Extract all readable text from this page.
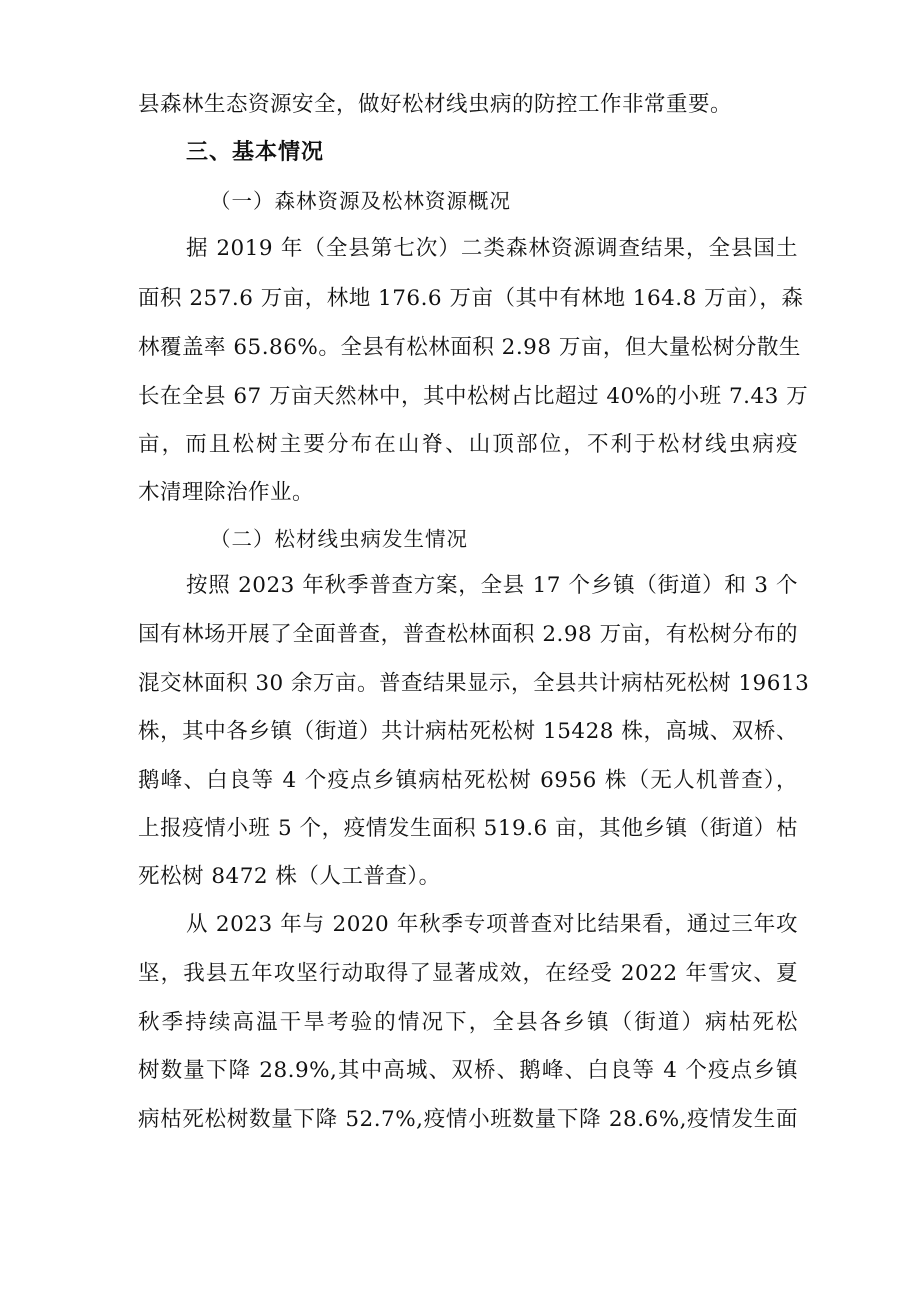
县森林生态资源安全，做好松材线虫病的防控工作非常重要。
三、基本情况
（一）森林资源及松林资源概况
据 2019 年（全县第七次）二类森林资源调查结果，全县国土
面积 257.6 万亩，林地 176.6 万亩（其中有林地 164.8 万亩），森
林覆盖率 65.86%。全县有松林面积 2.98 万亩，但大量松树分散生
长在全县 67 万亩天然林中，其中松树占比超过 40%的小班 7.43 万
亩，而且松树主要分布在山脊、山顶部位，不利于松材线虫病疫
木清理除治作业。
（二）松材线虫病发生情况
按照 2023 年秋季普查方案，全县 17 个乡镇（街道）和 3 个
国有林场开展了全面普查，普查松林面积 2.98 万亩，有松树分布的
混交林面积 30 余万亩。普查结果显示，全县共计病枯死松树 19613
株，其中各乡镇（街道）共计病枯死松树 15428 株，高城、双桥、
鹅峰、白良等 4 个疫点乡镇病枯死松树 6956 株（无人机普查），
上报疫情小班 5 个，疫情发生面积 519.6 亩，其他乡镇（街道）枯
死松树 8472 株（人工普查）。
从 2023 年与 2020 年秋季专项普查对比结果看，通过三年攻
坚，我县五年攻坚行动取得了显著成效，在经受 2022 年雪灾、夏
秋季持续高温干旱考验的情况下，全县各乡镇（街道）病枯死松
树数量下降 28.9%,其中高城、双桥、鹅峰、白良等 4 个疫点乡镇
病枯死松树数量下降 52.7%,疫情小班数量下降 28.6%,疫情发生面
